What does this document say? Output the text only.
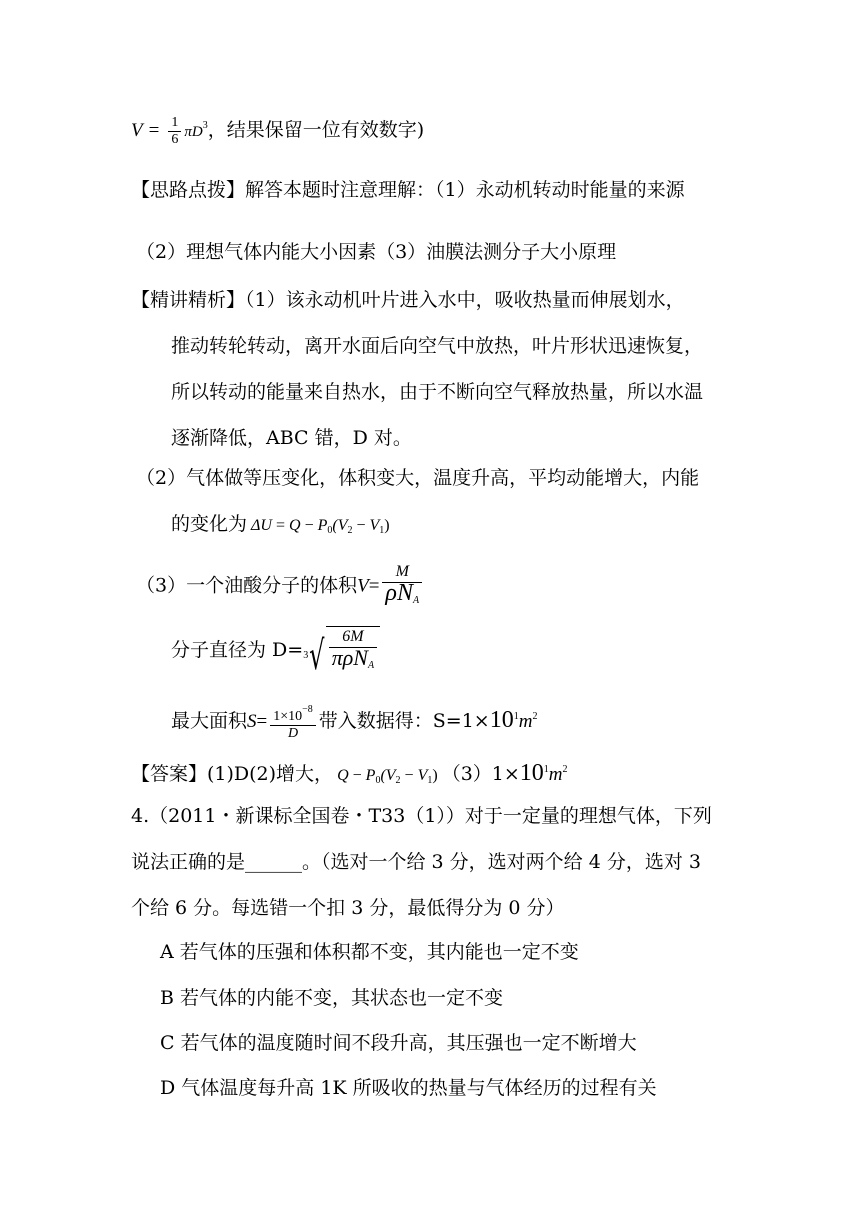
$V = \frac{1}{6} \pi D^3$，结果保留一位有效数字)
【思路点拨】解答本题时注意理解：（1）永动机转动时能量的来源
（2）理想气体内能大小因素（3）油膜法测分子大小原理
【精讲精析】（1）该永动机叶片进入水中，吸收热量而伸展划水，
推动转轮转动，离开水面后向空气中放热，叶片形状迅速恢复，
所以转动的能量来自热水，由于不断向空气释放热量，所以水温
逐渐降低，ABC 错，D 对。
（2）气体做等压变化，体积变大，温度升高，平均动能增大，内能
的变化为 $\Delta U = Q - P_0(V_2 - V_1)$
（3）一个油酸分子的体积$V= \frac{M}{\rho N_A}$
分子直径为 D= 3 √ $\frac{6M}{\pi\rho N_A}$
最大面积$S= \frac{1\times 10^{-8}}{D}$ 带入数据得：$S=1\times 10^1m^2$
【答案】(1)D(2)增大， $Q - P_0(V_2 - V_1)$ $(3)1\times 10^1m^2$
4.（2011・新课标全国卷・T33（1））对于一定量的理想气体，下列
说法正确的是______。（选对一个给 3 分，选对两个给 4 分，选对 3
个给 6 分。每选错一个扣 3 分，最低得分为 0 分）
A 若气体的压强和体积都不变，其内能也一定不变
B 若气体的内能不变，其状态也一定不变
C 若气体的温度随时间不段升高，其压强也一定不断增大
D 气体温度每升高 1K 所吸收的热量与气体经历的过程有关
